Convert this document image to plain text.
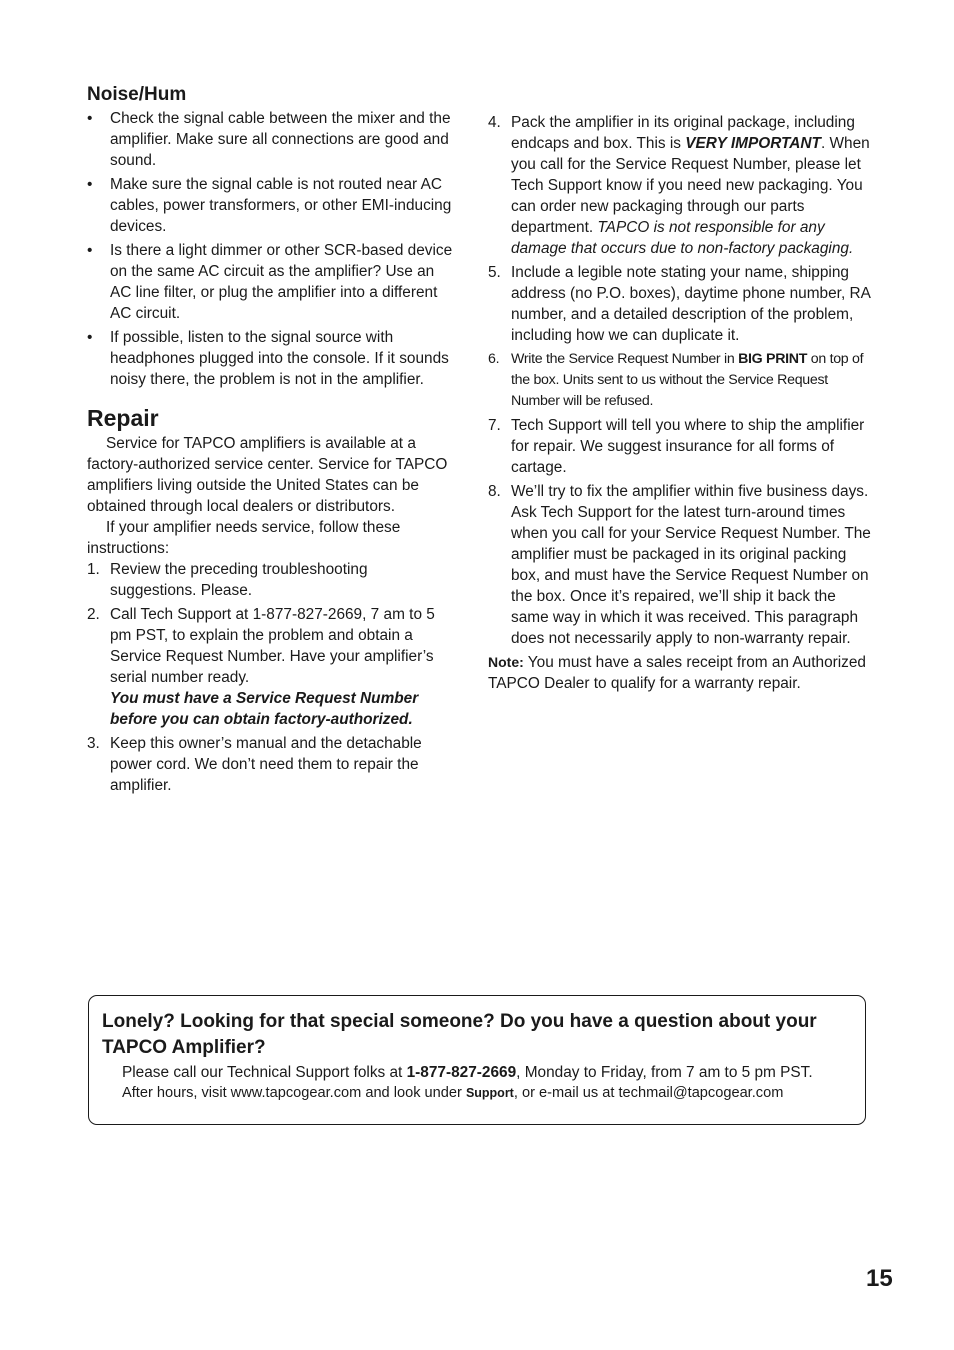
Noise/Hum
• Check the signal cable between the mixer and the amplifier. Make sure all connections are good and sound.
• Make sure the signal cable is not routed near AC cables, power transformers, or other EMI-inducing devices.
• Is there a light dimmer or other SCR-based device on the same AC circuit as the amplifier? Use an AC line filter, or plug the amplifier into a different AC circuit.
• If possible, listen to the signal source with headphones plugged into the console. If it sounds noisy there, the problem is not in the amplifier.
Repair

Service for TAPCO amplifiers is available at a factory-authorized service center. Service for TAPCO amplifiers living outside the United States can be obtained through local dealers or distributors.

If your amplifier needs service, follow these instructions:

1. Review the preceding troubleshooting suggestions. Please.
2. Call Tech Support at 1-877-827-2669, 7 am to 5 pm PST, to explain the problem and obtain a Service Request Number. Have your amplifier’s serial number ready.
You must have a Service Request Number before you can obtain factory-authorized.
3. Keep this owner’s manual and the detachable power cord. We don’t need them to repair the amplifier.
4. Pack the amplifier in its original package, including endcaps and box. This is VERY IMPORTANT. When you call for the Service Request Number, please let Tech Support know if you need new packaging. You can order new packaging through our parts department. TAPCO is not responsible for any damage that occurs due to non-factory packaging.
5. Include a legible note stating your name, shipping address (no P.O. boxes), daytime phone number, RA number, and a detailed description of the problem, including how we can duplicate it.
6. Write the Service Request Number in BIG PRINT on top of the box. Units sent to us without the Service Request Number will be refused.
7. Tech Support will tell you where to ship the amplifier for repair. We suggest insurance for all forms of cartage.
8. We’ll try to fix the amplifier within five business days. Ask Tech Support for the latest turn-around times when you call for your Service Request Number. The amplifier must be packaged in its original packing box, and must have the Service Request Number on the box. Once it’s repaired, we’ll ship it back the same way in which it was received. This paragraph does not necessarily apply to non-warranty repair.

Note: You must have a sales receipt from an Authorized TAPCO Dealer to qualify for a warranty repair.

Lonely? Looking for that special someone? Do you have a question about your TAPCO Amplifier?

Please call our Technical Support folks at 1-877-827-2669, Monday to Friday, from 7 am to 5 pm PST.

After hours, visit www.tapcogear.com and look under Support, or e-mail us at techmail@tapcogear.com

15
